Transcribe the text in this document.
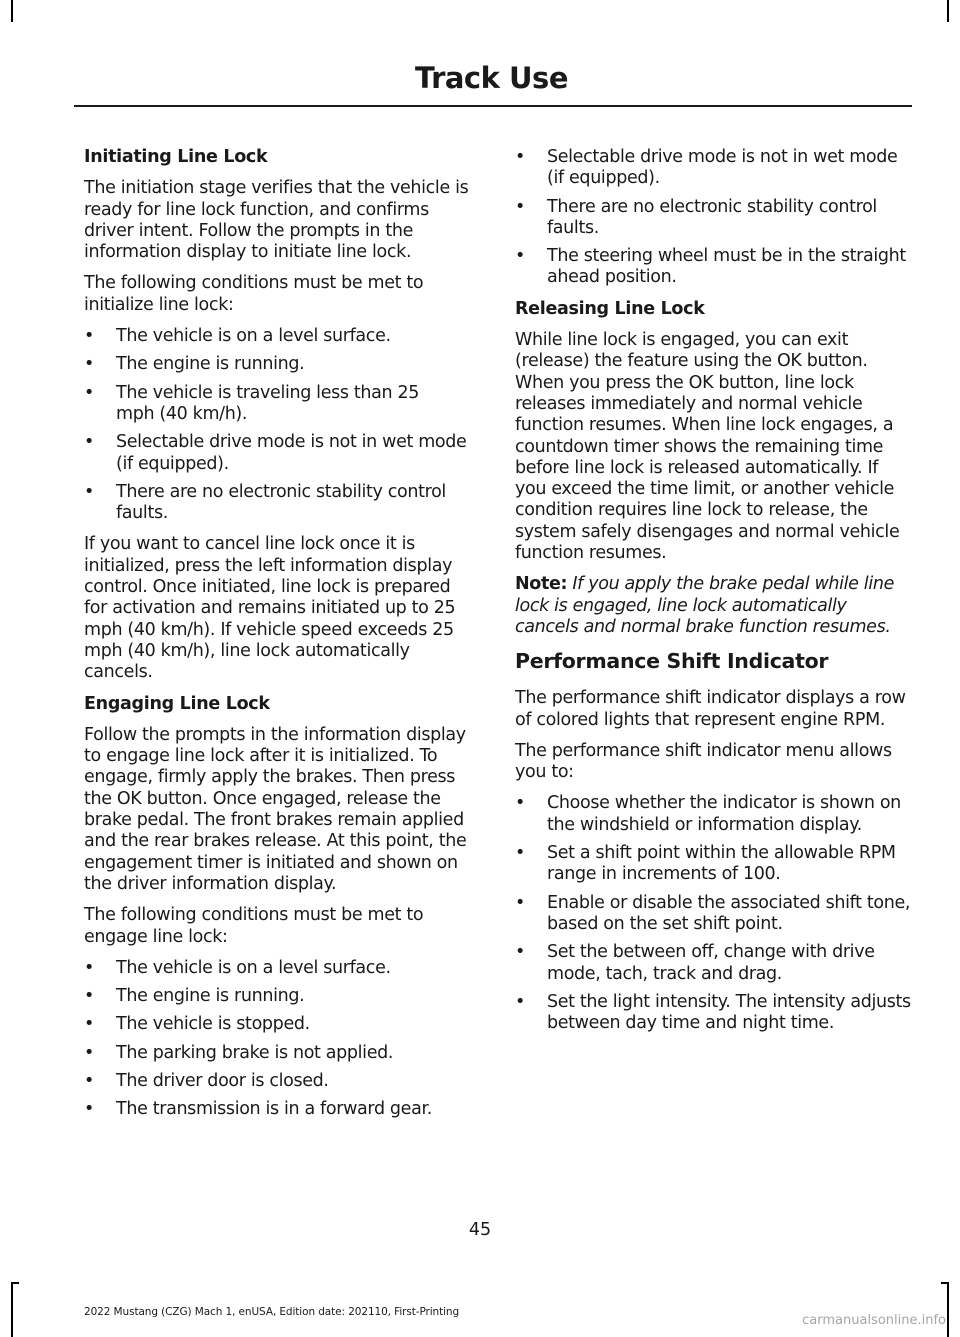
Track Use
Initiating Line Lock

The initiation stage verifies that the vehicle is ready for line lock function, and confirms driver intent. Follow the prompts in the information display to initiate line lock.

The following conditions must be met to initialize line lock:

• The vehicle is on a level surface.
• The engine is running.
• The vehicle is traveling less than 25 mph (40 km/h).
• Selectable drive mode is not in wet mode (if equipped).
• There are no electronic stability control faults.

If you want to cancel line lock once it is initialized, press the left information display control. Once initiated, line lock is prepared for activation and remains initiated up to 25 mph (40 km/h). If vehicle speed exceeds 25 mph (40 km/h), line lock automatically cancels.

Engaging Line Lock

Follow the prompts in the information display to engage line lock after it is initialized. To engage, firmly apply the brakes. Then press the OK button. Once engaged, release the brake pedal. The front brakes remain applied and the rear brakes release. At this point, the engagement timer is initiated and shown on the driver information display.

The following conditions must be met to engage line lock:

• The vehicle is on a level surface.
• The engine is running.
• The vehicle is stopped.
• The parking brake is not applied.
• The driver door is closed.
• The transmission is in a forward gear.
• Selectable drive mode is not in wet mode (if equipped).
• There are no electronic stability control faults.
• The steering wheel must be in the straight ahead position.
Releasing Line Lock

While line lock is engaged, you can exit (release) the feature using the OK button. When you press the OK button, line lock releases immediately and normal vehicle function resumes. When line lock engages, a countdown timer shows the remaining time before line lock is released automatically. If you exceed the time limit, or another vehicle condition requires line lock to release, the system safely disengages and normal vehicle function resumes.

Note: If you apply the brake pedal while line lock is engaged, line lock automatically cancels and normal brake function resumes.

Performance Shift Indicator

The performance shift indicator displays a row of colored lights that represent engine RPM.

The performance shift indicator menu allows you to:

• Choose whether the indicator is shown on the windshield or information display.
• Set a shift point within the allowable RPM range in increments of 100.
• Enable or disable the associated shift tone, based on the set shift point.
• Set the between off, change with drive mode, tach, track and drag.
• Set the light intensity. The intensity adjusts between day time and night time.
45
2022 Mustang (CZG) Mach 1, enUSA, Edition date: 202110, First-Printing
carmanualsonline.info
